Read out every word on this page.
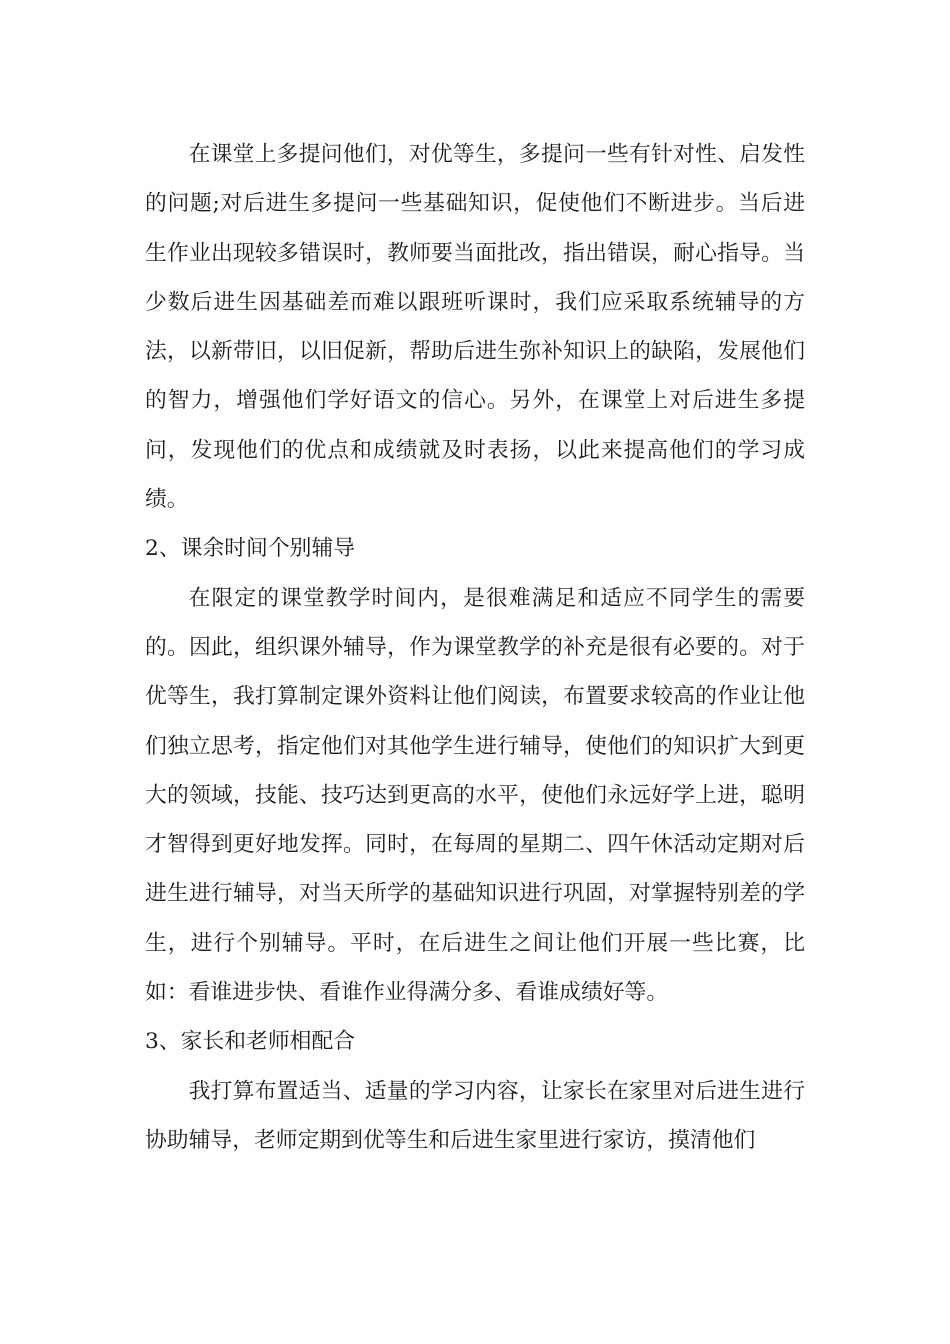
在课堂上多提问他们，对优等生，多提问一些有针对性、启发性的问题;对后进生多提问一些基础知识，促使他们不断进步。当后进生作业出现较多错误时，教师要当面批改，指出错误，耐心指导。当少数后进生因基础差而难以跟班听课时，我们应采取系统辅导的方法，以新带旧，以旧促新，帮助后进生弥补知识上的缺陷，发展他们的智力，增强他们学好语文的信心。另外，在课堂上对后进生多提问，发现他们的优点和成绩就及时表扬，以此来提高他们的学习成绩。

2、课余时间个别辅导

在限定的课堂教学时间内，是很难满足和适应不同学生的需要的。因此，组织课外辅导，作为课堂教学的补充是很有必要的。对于优等生，我打算制定课外资料让他们阅读，布置要求较高的作业让他们独立思考，指定他们对其他学生进行辅导，使他们的知识扩大到更大的领域，技能、技巧达到更高的水平，使他们永远好学上进，聪明才智得到更好地发挥。同时，在每周的星期二、四午休活动定期对后进生进行辅导，对当天所学的基础知识进行巩固，对掌握特别差的学生，进行个别辅导。平时，在后进生之间让他们开展一些比赛，比如：看谁进步快、看谁作业得满分多、看谁成绩好等。

3、家长和老师相配合

我打算布置适当、适量的学习内容，让家长在家里对后进生进行协助辅导，老师定期到优等生和后进生家里进行家访，摸清他们
